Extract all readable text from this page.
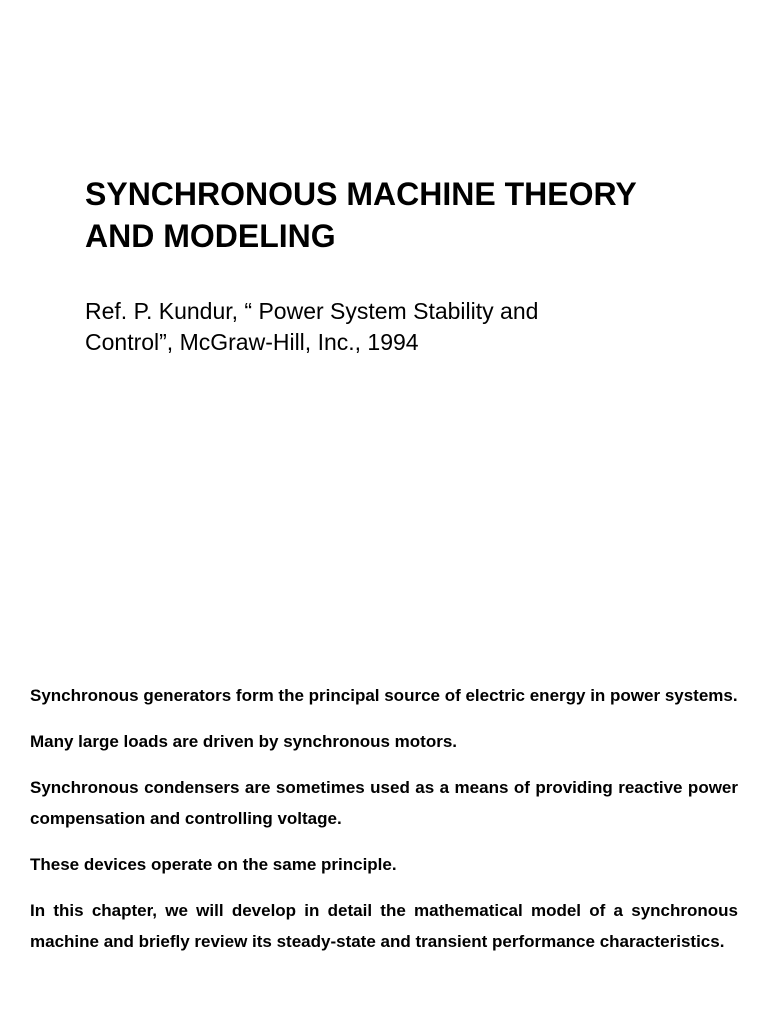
SYNCHRONOUS MACHINE THEORY
AND MODELING
Ref. P. Kundur, “ Power System Stability and
Control”, McGraw-Hill, Inc., 1994

Synchronous generators form the principal source of electric energy in power systems.

Many large loads are driven by synchronous motors.

Synchronous condensers are sometimes used as a means of providing reactive power compensation and controlling voltage.

These devices operate on the same principle.

In this chapter, we will develop in detail the mathematical model of a synchronous machine and briefly review its steady-state and transient performance characteristics.
